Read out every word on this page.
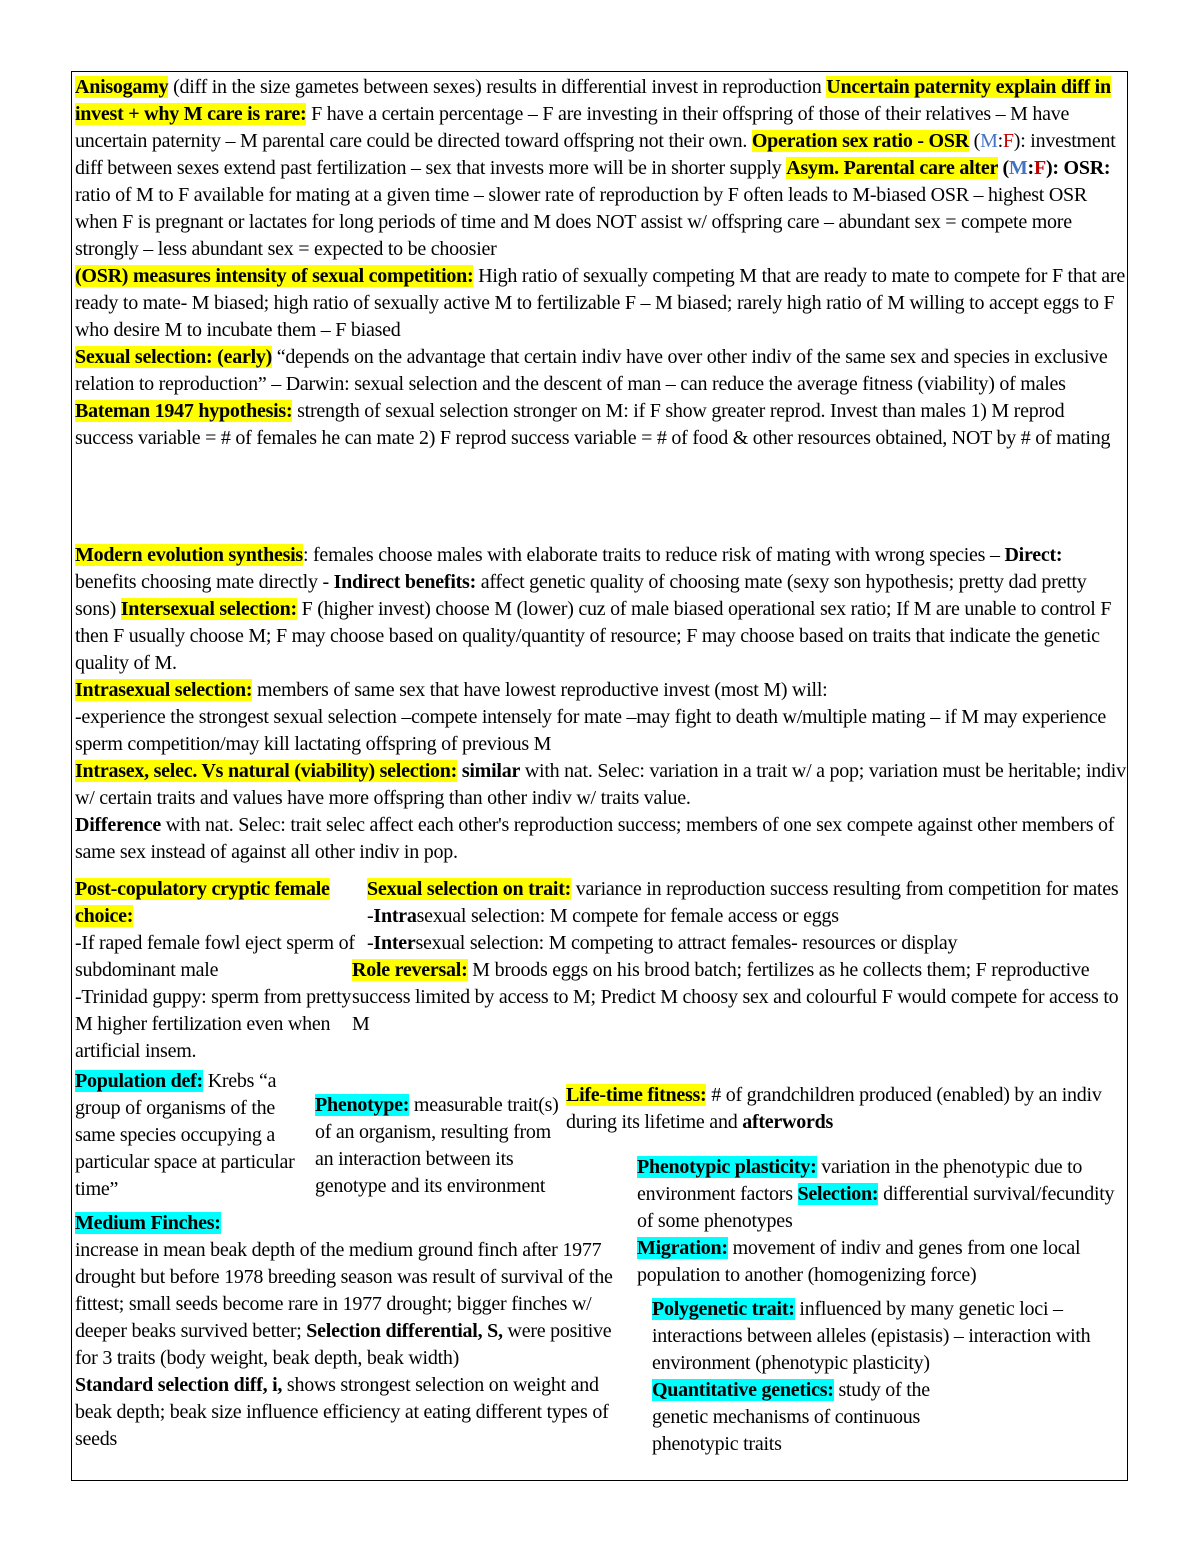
Anisogamy (diff in the size gametes between sexes) results in differential invest in reproduction Uncertain paternity explain diff in invest + why M care is rare: F have a certain percentage – F are investing in their offspring of those of their relatives – M have uncertain paternity – M parental care could be directed toward offspring not their own. Operation sex ratio - OSR (M:F): investment diff between sexes extend past fertilization – sex that invests more will be in shorter supply Asym. Parental care alter (M:F): OSR: ratio of M to F available for mating at a given time – slower rate of reproduction by F often leads to M-biased OSR – highest OSR when F is pregnant or lactates for long periods of time and M does NOT assist w/ offspring care – abundant sex = compete more strongly – less abundant sex = expected to be choosier

(OSR) measures intensity of sexual competition: High ratio of sexually competing M that are ready to mate to compete for F that are ready to mate- M biased; high ratio of sexually active M to fertilizable F – M biased; rarely high ratio of M willing to accept eggs to F who desire M to incubate them – F biased

Sexual selection: (early) “depends on the advantage that certain indiv have over other indiv of the same sex and species in exclusive relation to reproduction” – Darwin: sexual selection and the descent of man – can reduce the average fitness (viability) of males

Bateman 1947 hypothesis: strength of sexual selection stronger on M: if F show greater reprod. Invest than males 1) M reprod success variable = # of females he can mate 2) F reprod success variable = # of food & other resources obtained, NOT by # of mating

Modern evolution synthesis: females choose males with elaborate traits to reduce risk of mating with wrong species – Direct: benefits choosing mate directly - Indirect benefits: affect genetic quality of choosing mate (sexy son hypothesis; pretty dad pretty sons) Intersexual selection: F (higher invest) choose M (lower) cuz of male biased operational sex ratio; If M are unable to control F then F usually choose M; F may choose based on quality/quantity of resource; F may choose based on traits that indicate the genetic quality of M.

Intrasexual selection: members of same sex that have lowest reproductive invest (most M) will:

-experience the strongest sexual selection –compete intensely for mate –may fight to death w/multiple mating – if M may experience sperm competition/may kill lactating offspring of previous M

Intrasex, selec. Vs natural (viability) selection: similar with nat. Selec: variation in a trait w/ a pop; variation must be heritable; indiv w/ certain traits and values have more offspring than other indiv w/ traits value.

Difference with nat. Selec: trait selec affect each other's reproduction success; members of one sex compete against other members of same sex instead of against all other indiv in pop.

Post-copulatory cryptic female choice:

-If raped female fowl eject sperm of subdominant male

-Trinidad guppy: sperm from pretty M higher fertilization even when artificial insem.

Sexual selection on trait: variance in reproduction success resulting from competition for mates

-Intrasexual selection: M compete for female access or eggs

-Intersexual selection: M competing to attract females- resources or display

Role reversal: M broods eggs on his brood batch; fertilizes as he collects them; F reproductive success limited by access to M; Predict M choosy sex and colourful F would compete for access to M

Population def: Krebs “a group of organisms of the same species occupying a particular space at particular time”

Phenotype: measurable trait(s) of an organism, resulting from an interaction between its genotype and its environment

Life-time fitness: # of grandchildren produced (enabled) by an indiv during its lifetime and afterwords

Medium Finches:

increase in mean beak depth of the medium ground finch after 1977 drought but before 1978 breeding season was result of survival of the fittest; small seeds become rare in 1977 drought; bigger finches w/ deeper beaks survived better; Selection differential, S, were positive for 3 traits (body weight, beak depth, beak width)

Standard selection diff, i, shows strongest selection on weight and beak depth; beak size influence efficiency at eating different types of seeds

Phenotypic plasticity: variation in the phenotypic due to environment factors Selection: differential survival/fecundity of some phenotypes

Migration: movement of indiv and genes from one local population to another (homogenizing force)

Polygenetic trait: influenced by many genetic loci – interactions between alleles (epistasis) – interaction with environment (phenotypic plasticity)

Quantitative genetics: study of the genetic mechanisms of continuous phenotypic traits
